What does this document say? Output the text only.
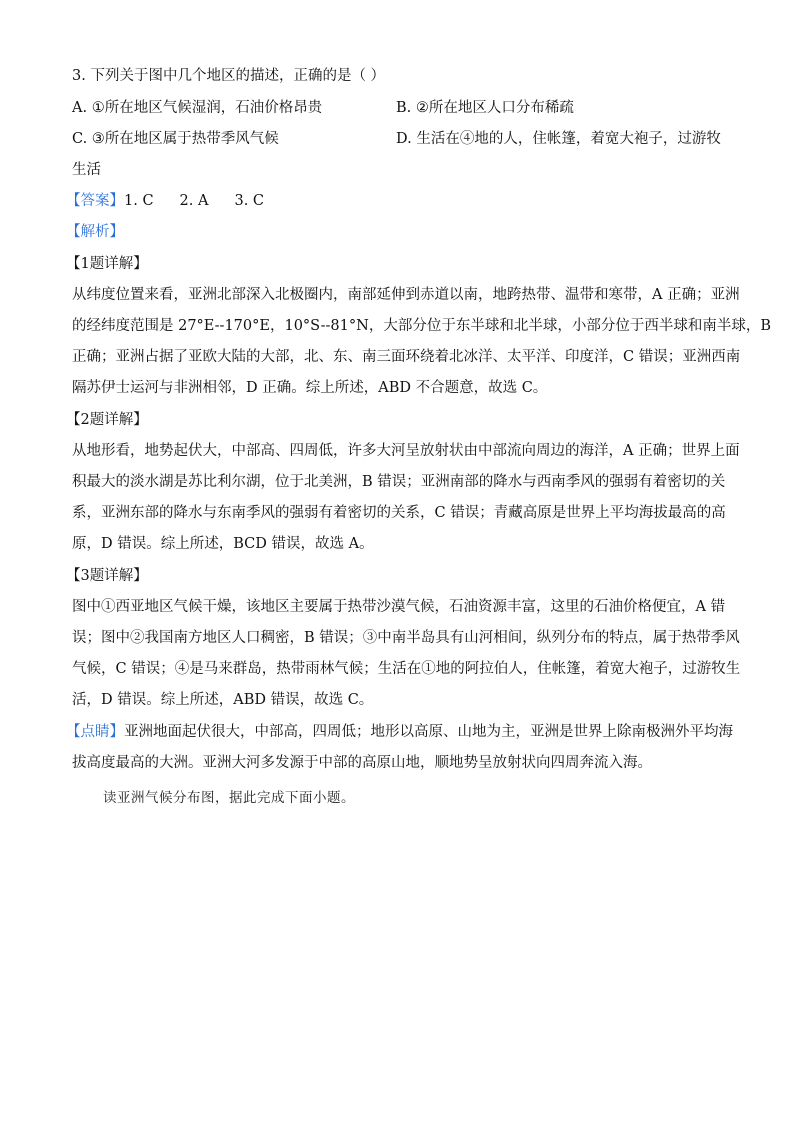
3. 下列关于图中几个地区的描述，正确的是（ ）
A. ①所在地区气候湿润，石油价格昂贵	B. ②所在地区人口分布稀疏
C. ③所在地区属于热带季风气候	D. 生活在④地的人，住帐篷，着宽大袍子，过游牧
生活
【答案】1. C 2. A 3. C
【解析】
【1题详解】
从纬度位置来看，亚洲北部深入北极圈内，南部延伸到赤道以南，地跨热带、温带和寒带，A 正确；亚洲
的经纬度范围是 27°E--170°E，10°S--81°N，大部分位于东半球和北半球，小部分位于西半球和南半球，B
正确；亚洲占据了亚欧大陆的大部，北、东、南三面环绕着北冰洋、太平洋、印度洋，C 错误；亚洲西南
隔苏伊士运河与非洲相邻，D 正确。综上所述，ABD 不合题意，故选 C。
【2题详解】
从地形看，地势起伏大，中部高、四周低，许多大河呈放射状由中部流向周边的海洋，A 正确；世界上面
积最大的淡水湖是苏比利尔湖，位于北美洲，B 错误；亚洲南部的降水与西南季风的强弱有着密切的关
系，亚洲东部的降水与东南季风的强弱有着密切的关系，C 错误；青藏高原是世界上平均海拔最高的高
原，D 错误。综上所述，BCD 错误，故选 A。
【3题详解】
图中①西亚地区气候干燥，该地区主要属于热带沙漠气候，石油资源丰富，这里的石油价格便宜，A 错
误；图中②我国南方地区人口稠密，B 错误；③中南半岛具有山河相间，纵列分布的特点，属于热带季风
气候，C 错误；④是马来群岛，热带雨林气候；生活在①地的阿拉伯人，住帐篷，着宽大袍子，过游牧生
活，D 错误。综上所述，ABD 错误，故选 C。
【点睛】亚洲地面起伏很大，中部高，四周低；地形以高原、山地为主，亚洲是世界上除南极洲外平均海
拔高度最高的大洲。亚洲大河多发源于中部的高原山地，顺地势呈放射状向四周奔流入海。
读亚洲气候分布图，据此完成下面小题。
